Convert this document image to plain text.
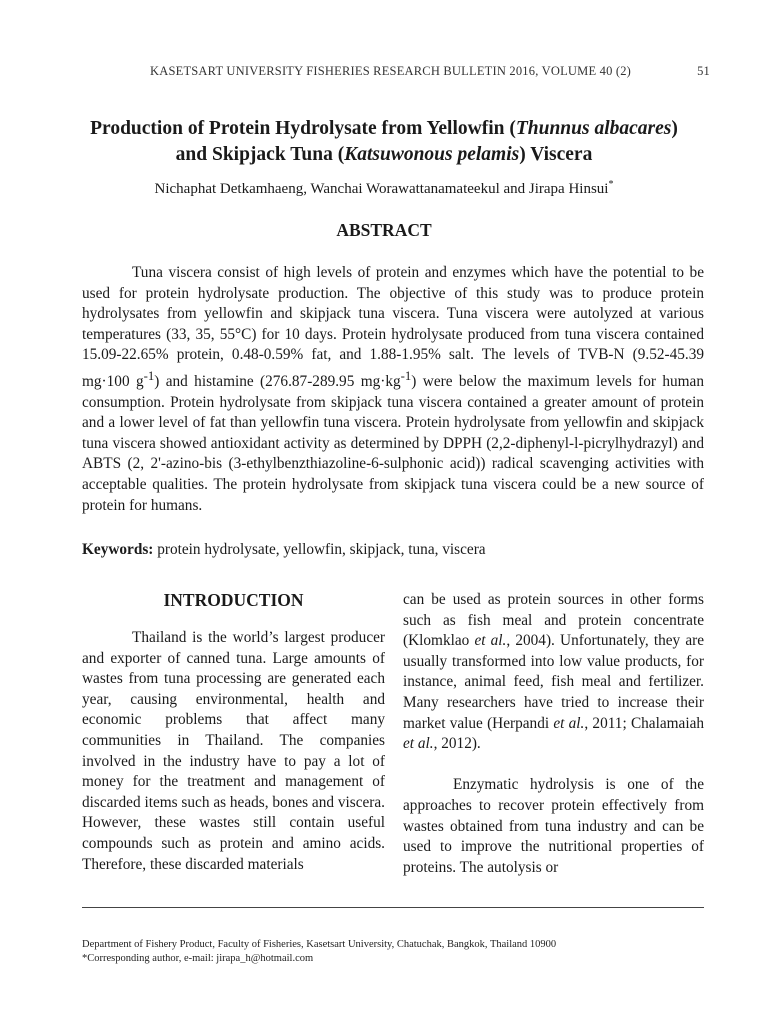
KASETSART UNIVERSITY FISHERIES RESEARCH BULLETIN 2016, VOLUME 40 (2)	51
Production of Protein Hydrolysate from Yellowfin (Thunnus albacares)
and Skipjack Tuna (Katsuwonous pelamis) Viscera
Nichaphat Detkamhaeng, Wanchai Worawattanamateekul and Jirapa Hinsui*
ABSTRACT
Tuna viscera consist of high levels of protein and enzymes which have the potential to be used for protein hydrolysate production. The objective of this study was to produce protein hydrolysates from yellowfin and skipjack tuna viscera. Tuna viscera were autolyzed at various temperatures (33, 35, 55°C) for 10 days. Protein hydrolysate produced from tuna viscera contained 15.09-22.65% protein, 0.48-0.59% fat, and 1.88-1.95% salt. The levels of TVB-N (9.52-45.39 mg·100 $g^{-1}$) and histamine (276.87-289.95 $mg\cdot kg^{-1}$) were below the maximum levels for human consumption. Protein hydrolysate from skipjack tuna viscera contained a greater amount of protein and a lower level of fat than yellowfin tuna viscera. Protein hydrolysate from yellowfin and skipjack tuna viscera showed antioxidant activity as determined by DPPH (2,2-diphenyl-l-picrylhydrazyl) and ABTS (2, 2'-azino-bis (3-ethylbenzthiazoline-6-sulphonic acid)) radical scavenging activities with acceptable qualities. The protein hydrolysate from skipjack tuna viscera could be a new source of protein for humans.
Keywords: protein hydrolysate, yellowfin, skipjack, tuna, viscera
INTRODUCTION

Thailand is the world’s largest producer and exporter of canned tuna. Large amounts of wastes from tuna processing are generated each year, causing environmental, health and economic problems that affect many communities in Thailand. The companies involved in the industry have to pay a lot of money for the treatment and management of discarded items such as heads, bones and viscera. However, these wastes still contain useful compounds such as protein and amino acids. Therefore, these discarded materials

can be used as protein sources in other forms such as fish meal and protein concentrate (Klomklao et al., 2004). Unfortunately, they are usually transformed into low value products, for instance, animal feed, fish meal and fertilizer. Many researchers have tried to increase their market value (Herpandi et al., 2011; Chalamaiah et al., 2012).

Enzymatic hydrolysis is one of the approaches to recover protein effectively from wastes obtained from tuna industry and can be used to improve the nutritional properties of proteins. The autolysis or

Department of Fishery Product, Faculty of Fisheries, Kasetsart University, Chatuchak, Bangkok, Thailand 10900
*Corresponding author, e-mail: jirapa_h@hotmail.com
